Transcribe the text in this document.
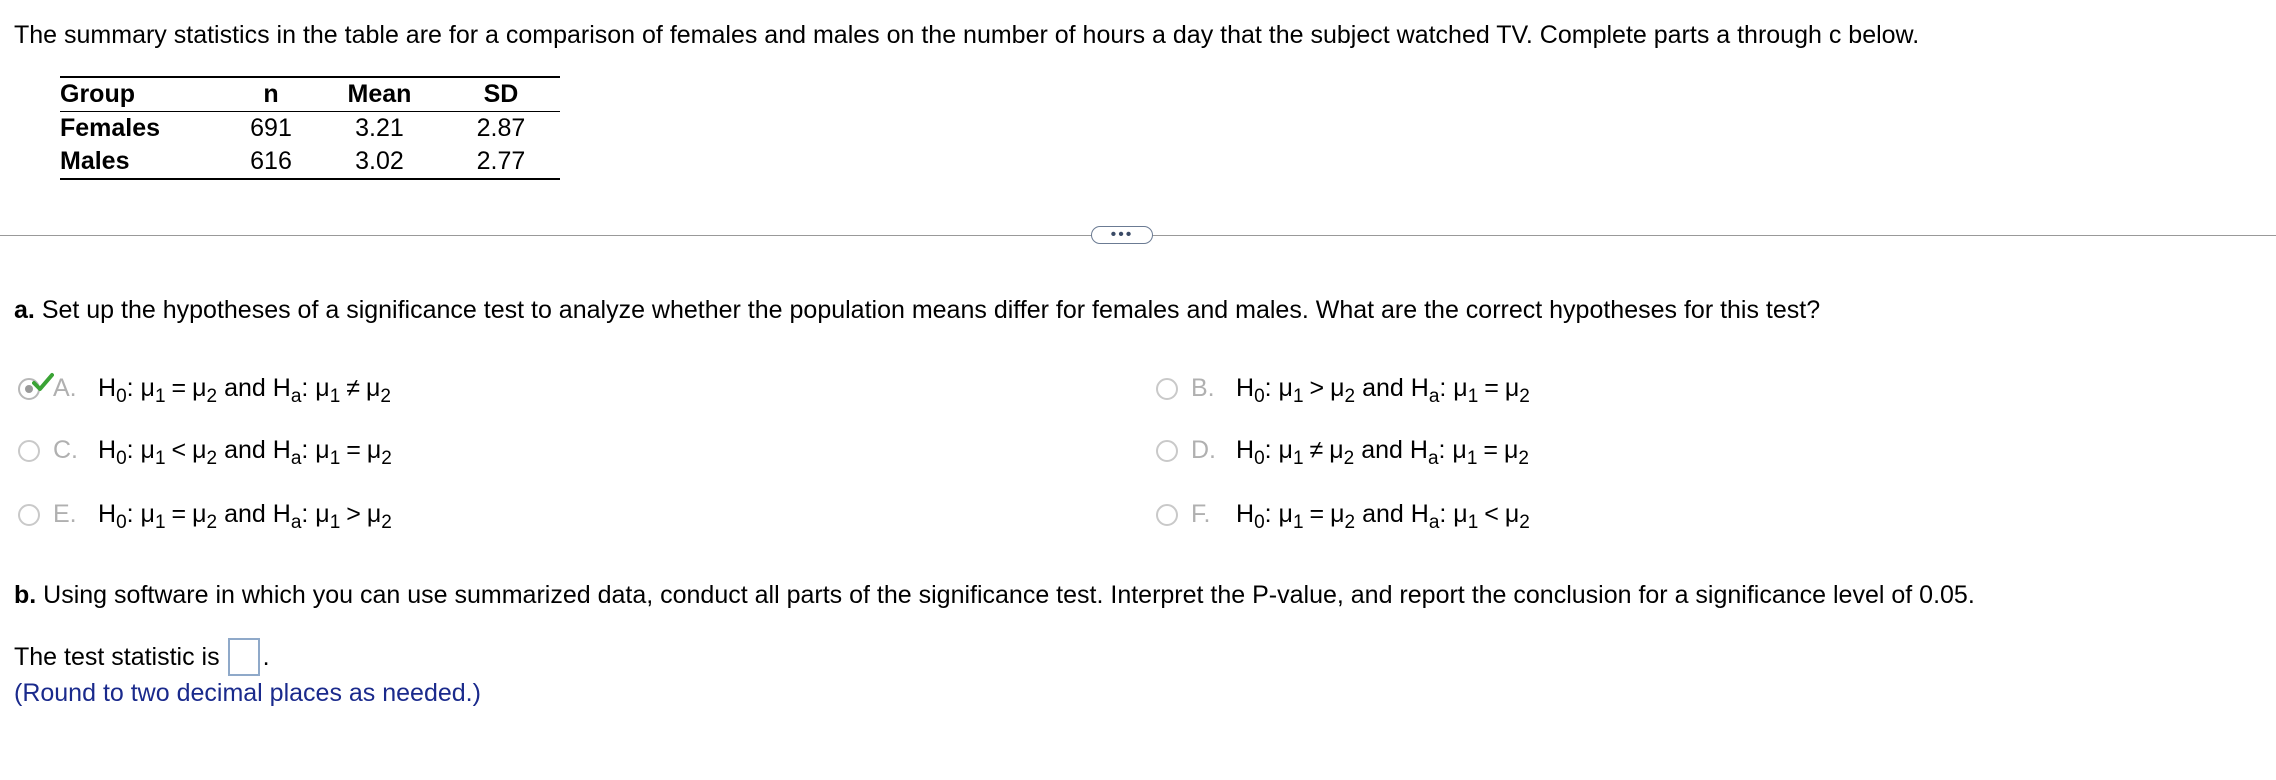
The summary statistics in the table are for a comparison of females and males on the number of hours a day that the subject watched TV. Complete parts a through c below.
Group	n	Mean	SD
Females	691	3.21	2.87
Males	616	3.02	2.77
•••
a. Set up the hypotheses of a significance test to analyze whether the population means differ for females and males. What are the correct hypotheses for this test?
A. $H_0$: $\mu_1 = \mu_2$ and $H_a$: $\mu_1 \ne \mu_2$	B. $H_0$: $\mu_1 > \mu_2$ and $H_a$: $\mu_1 = \mu_2$
C. $H_0$: $\mu_1 < \mu_2$ and $H_a$: $\mu_1 = \mu_2$	D. $H_0$: $\mu_1 \ne \mu_2$ and $H_a$: $\mu_1 = \mu_2$
E. $H_0$: $\mu_1 = \mu_2$ and $H_a$: $\mu_1 > \mu_2$	F.	$H_0$: $\mu_1 = \mu_2$ and $H_a$: $\mu_1 < \mu_2$
b. Using software in which you can use summarized data, conduct all parts of the significance test. Interpret the P-value, and report the conclusion for a significance level of 0.05.
The test statistic is .
(Round to two decimal places as needed.)
